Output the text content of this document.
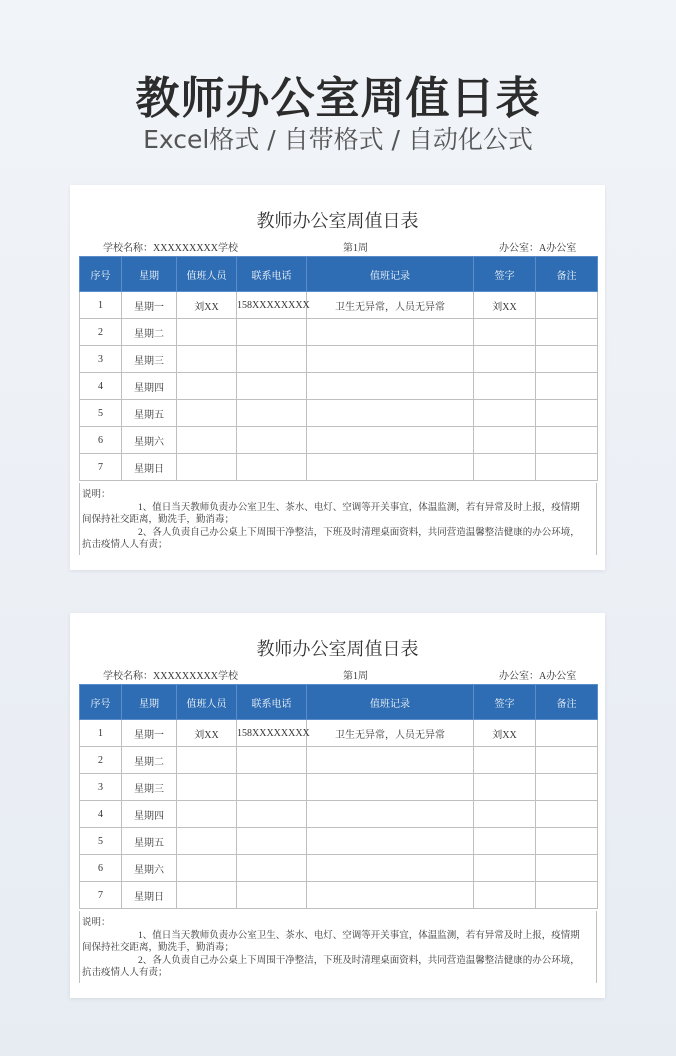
教师办公室周值日表
Excel格式 / 自带格式 / 自动化公式
教师办公室周值日表
学校名称：XXXXXXXXX学校	第1周	办公室：A办公室
序号	星期	值班人员	联系电话	值班记录	签字	备注
1	星期一	刘XX	158XXXXXXXX	卫生无异常，人员无异常	刘XX	
2	星期二					
3	星期三					
4	星期四					
5	星期五					
6	星期六					
7	星期日					

说明：

1、值日当天教师负责办公室卫生、茶水、电灯、空调等开关事宜，体温监测，若有异常及时上报，疫情期

间保持社交距离，勤洗手，勤消毒；

2、各人负责自己办公桌上下周围干净整洁，下班及时清理桌面资料，共同营造温馨整洁健康的办公环境，

抗击疫情人人有责；

教师办公室周值日表
学校名称：XXXXXXXXX学校	第1周	办公室：A办公室
序号	星期	值班人员	联系电话	值班记录	签字	备注
1	星期一	刘XX	158XXXXXXXX	卫生无异常，人员无异常	刘XX	
2	星期二					
3	星期三					
4	星期四					
5	星期五					
6	星期六					
7	星期日					

说明：

1、值日当天教师负责办公室卫生、茶水、电灯、空调等开关事宜，体温监测，若有异常及时上报，疫情期

间保持社交距离，勤洗手，勤消毒；

2、各人负责自己办公桌上下周围干净整洁，下班及时清理桌面资料，共同营造温馨整洁健康的办公环境，

抗击疫情人人有责；
